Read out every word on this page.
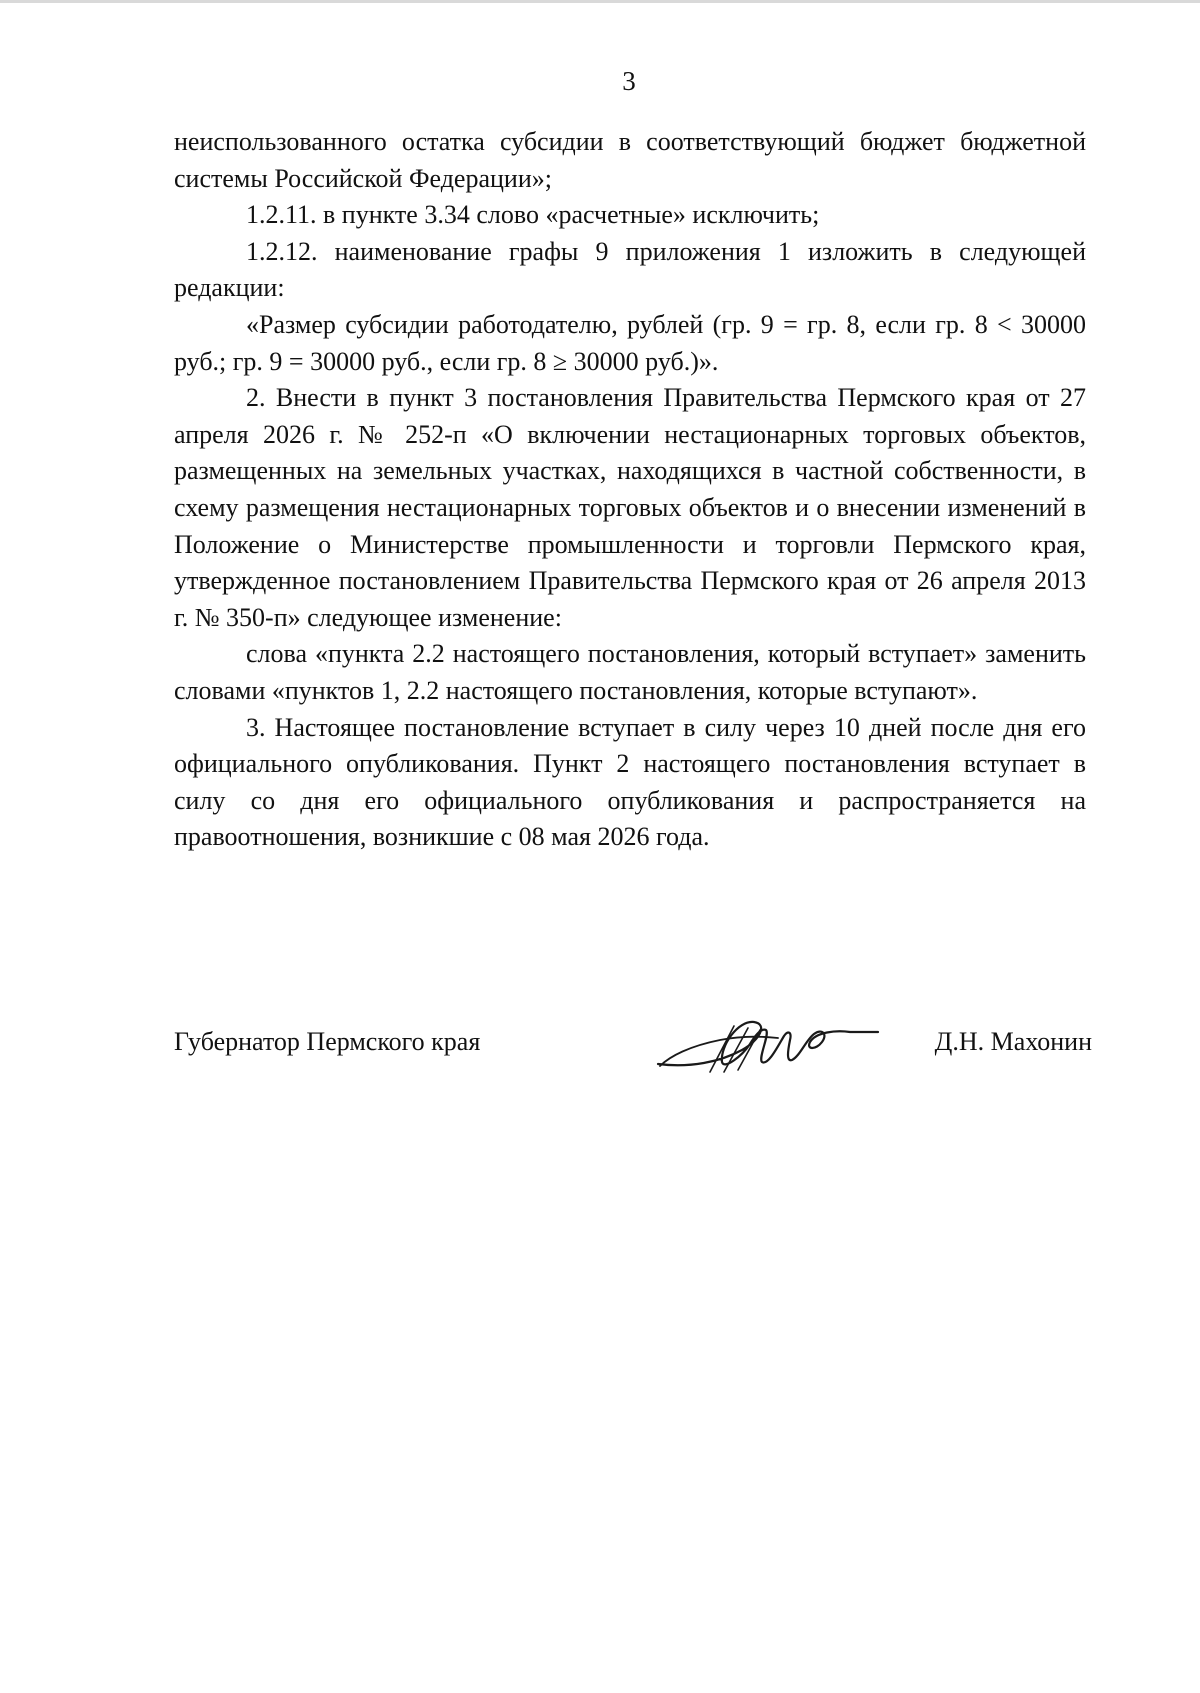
3

неиспользованного остатка субсидии в соответствующий бюджет бюджетной системы Российской Федерации»;

1.2.11. в пункте 3.34 слово «расчетные» исключить;

1.2.12. наименование графы 9 приложения 1 изложить в следующей редакции:

«Размер субсидии работодателю, рублей (гр. 9 = гр. 8, если гр. 8 < 30000 руб.; гр. 9 = 30000 руб., если гр. 8 ≥ 30000 руб.)».

2. Внести в пункт 3 постановления Правительства Пермского края от 27 апреля 2026 г. № 252-п «О включении нестационарных торговых объектов, размещенных на земельных участках, находящихся в частной собственности, в схему размещения нестационарных торговых объектов и о внесении изменений в Положение о Министерстве промышленности и торговли Пермского края, утвержденное постановлением Правительства Пермского края от 26 апреля 2013 г. № 350-п» следующее изменение:

слова «пункта 2.2 настоящего постановления, который вступает» заменить словами «пунктов 1, 2.2 настоящего постановления, которые вступают».

3. Настоящее постановление вступает в силу через 10 дней после дня его официального опубликования. Пункт 2 настоящего постановления вступает в силу со дня его официального опубликования и распространяется на правоотношения, возникшие с 08 мая 2026 года.

Губернатор Пермского края	Д.Н. Махонин
